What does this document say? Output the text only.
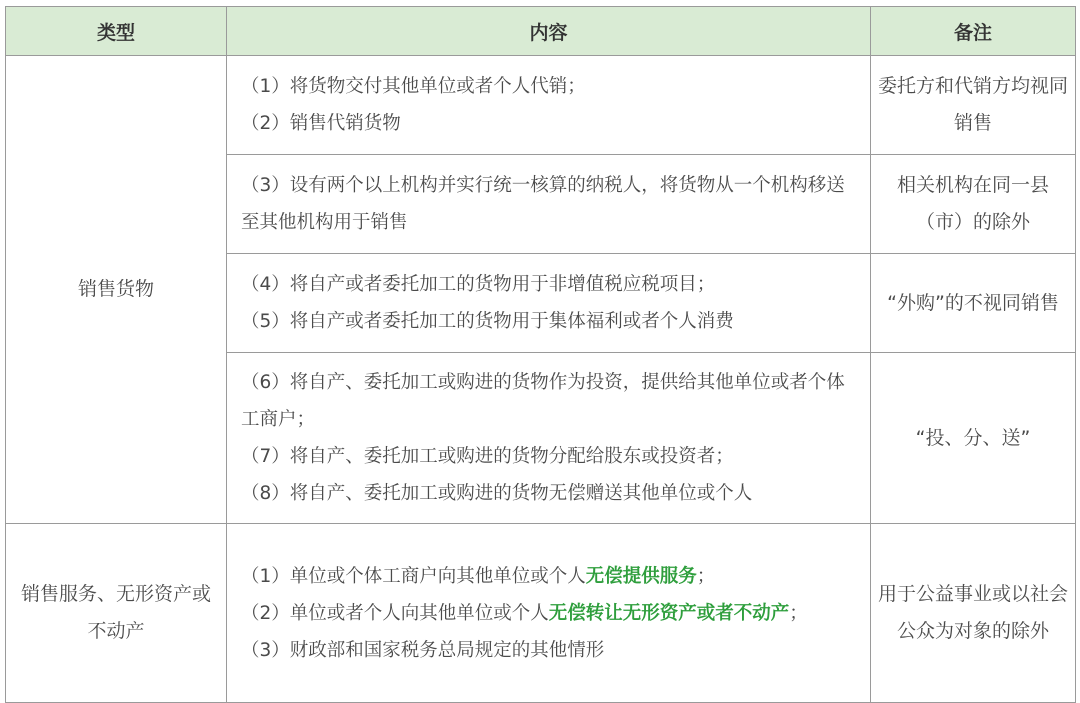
类型	内容	备注
销售货物	（1）将货物交付其他单位或者个人代销；
（2）销售代销货物	委托方和代销方均视同销售

	（3）设有两个以上机构并实行统一核算的纳税人，将货物从一个机构移送至其他机构用于销售	相关机构在同一县（市）的除外

	（4）将自产或者委托加工的货物用于非增值税应税项目；
（5）将自产或者委托加工的货物用于集体福利或者个人消费	“外购”的不视同销售

	（6）将自产、委托加工或购进的货物作为投资，提供给其他单位或者个体工商户；
（7）将自产、委托加工或购进的货物分配给股东或投资者；
（8）将自产、委托加工或购进的货物无偿赠送其他单位或个人	“投、分、送”
销售服务、无形资产或不动产	（1）单位或个体工商户向其他单位或个人无偿提供服务；
（2）单位或者个人向其他单位或个人无偿转让无形资产或者不动产；
（3）财政部和国家税务总局规定的其他情形	用于公益事业或以社会公众为对象的除外
